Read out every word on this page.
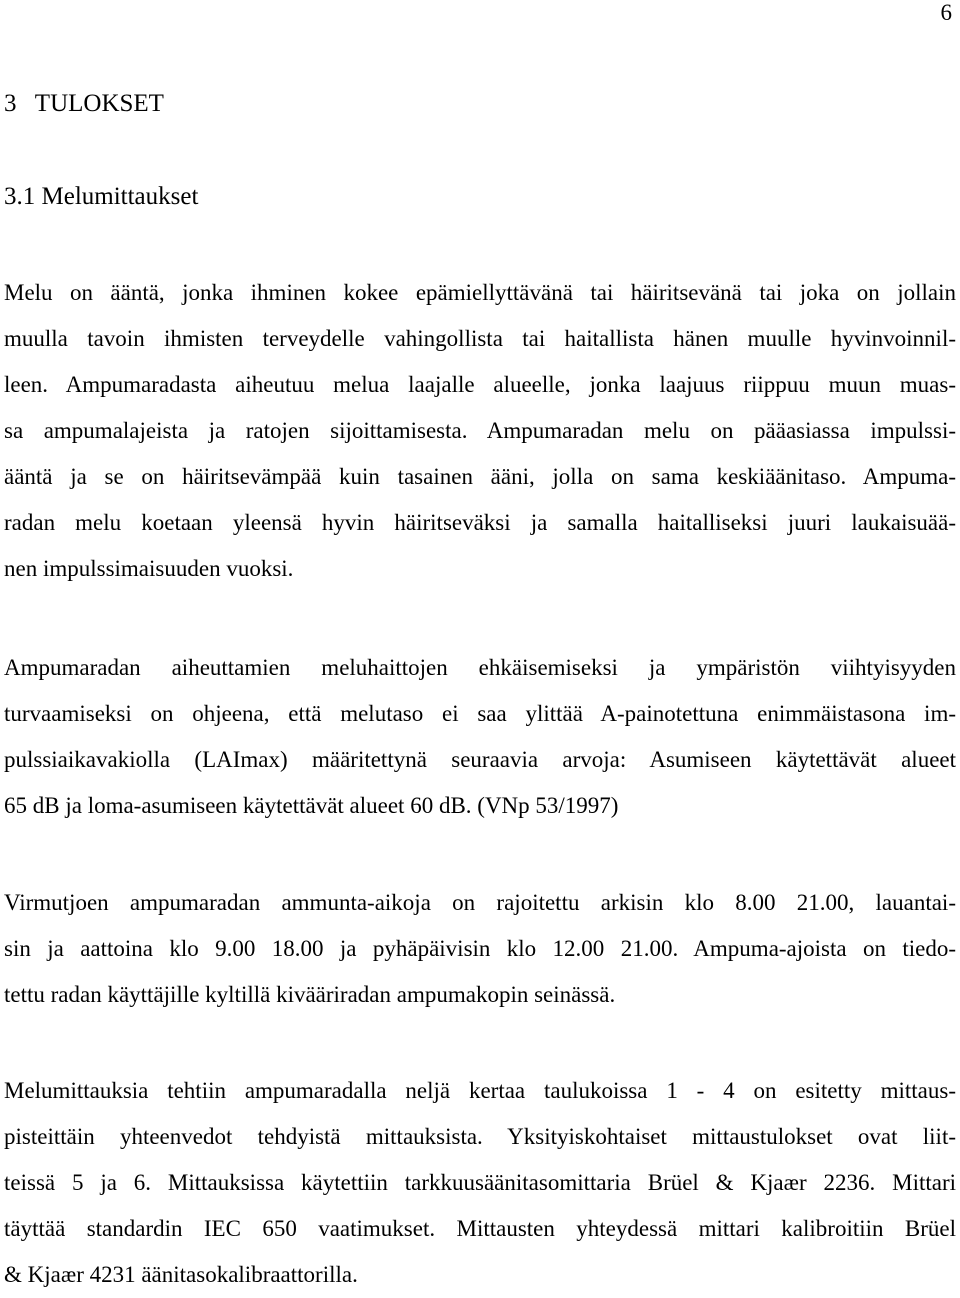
6
3   TULOKSET
3.1 Melumittaukset
Melu on ääntä, jonka ihminen kokee epämiellyttävänä tai häiritsevänä tai joka on jollain
muulla tavoin ihmisten terveydelle vahingollista tai haitallista hänen muulle hyvinvoinnil-
leen. Ampumaradasta aiheutuu melua laajalle alueelle, jonka laajuus riippuu muun muas-
sa ampumalajeista ja ratojen sijoittamisesta. Ampumaradan melu on pääasiassa impulssi-
ääntä ja se on häiritsevämpää kuin tasainen ääni, jolla on sama keskiäänitaso. Ampuma-
radan melu koetaan yleensä hyvin häiritseväksi ja samalla haitalliseksi juuri laukaisuää-
nen impulssimaisuuden vuoksi.
Ampumaradan aiheuttamien meluhaittojen ehkäisemiseksi ja ympäristön viihtyisyyden
turvaamiseksi on ohjeena, että melutaso ei saa ylittää A-painotettuna enimmäistasona im-
pulssiaikavakiolla (LAImax) määritettynä seuraavia arvoja: Asumiseen käytettävät alueet
65 dB ja loma-asumiseen käytettävät alueet 60 dB. (VNp 53/1997)
Virmutjoen ampumaradan ammunta-aikoja on rajoitettu arkisin klo 8.00 21.00, lauantai-
sin ja aattoina klo 9.00 18.00 ja pyhäpäivisin klo 12.00 21.00. Ampuma-ajoista on tiedo-
tettu radan käyttäjille kyltillä kivääriradan ampumakopin seinässä.
Melumittauksia tehtiin ampumaradalla neljä kertaa taulukoissa 1 - 4 on esitetty mittaus-
pisteittäin yhteenvedot tehdyistä mittauksista. Yksityiskohtaiset mittaustulokset ovat liit-
teissä 5 ja 6. Mittauksissa käytettiin tarkkuusäänitasomittaria Brüel & Kjaær 2236. Mittari
täyttää standardin IEC 650 vaatimukset. Mittausten yhteydessä mittari kalibroitiin Brüel
& Kjaær 4231 äänitasokalibraattorilla.
